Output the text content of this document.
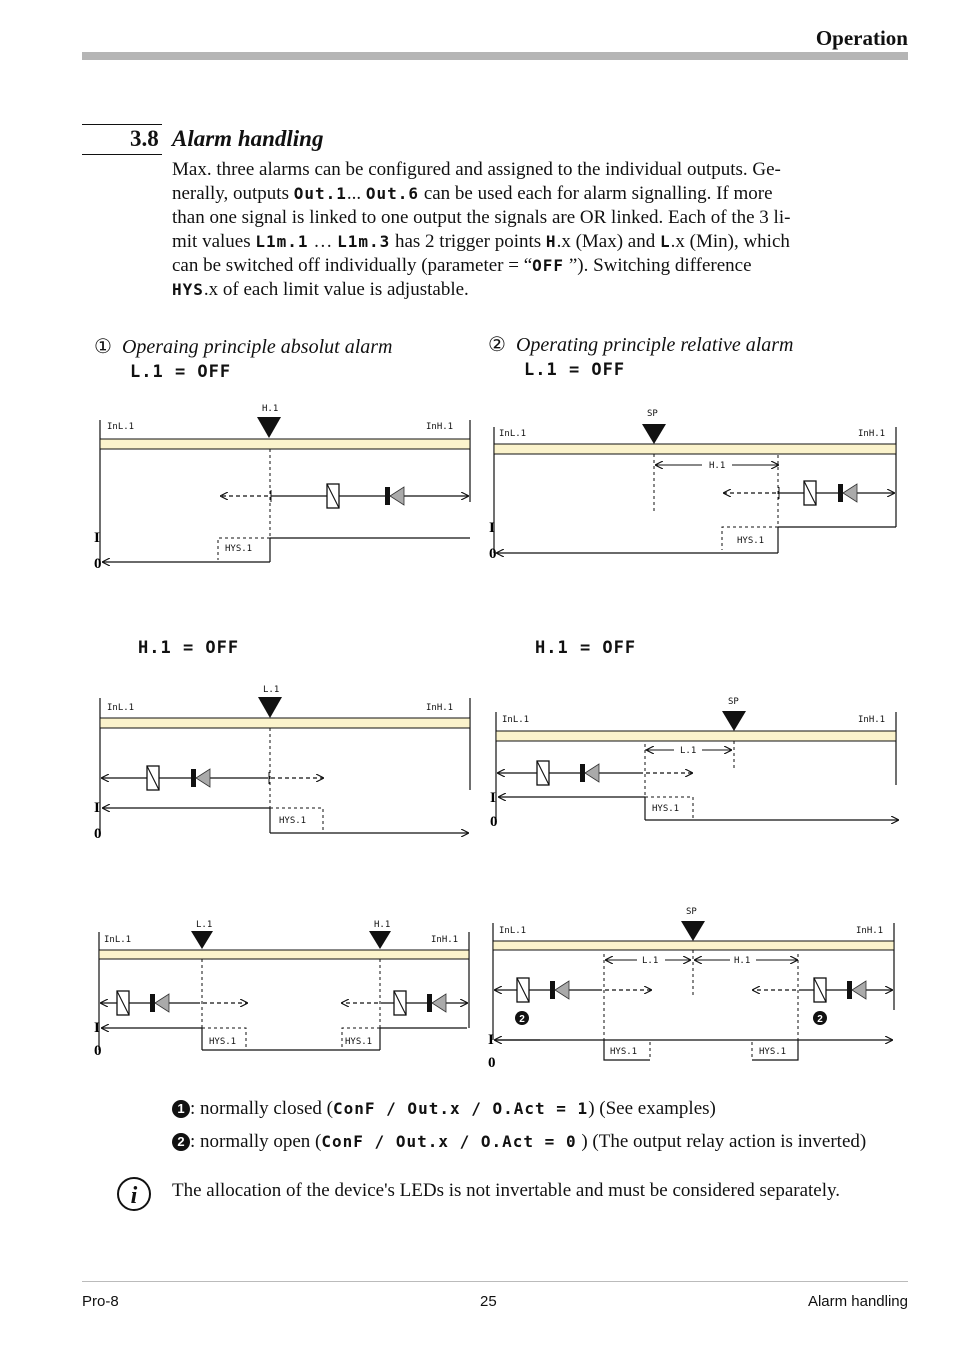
Operation
3.8 Alarm handling
Max. three alarms can be configured and assigned to the individual outputs. Ge-
nerally, outputs Out.1... Out.6 can be used each for alarm signalling. If more
than one signal is linked to one output the signals are OR linked. Each of the 3 li-
mit values L1m.1 … L1m.3 has 2 trigger points H.x (Max) and L.x (Min), which
can be switched off individually (parameter = “OFF ”). Switching difference
HYS.x of each limit value is adjustable.
① Operaing principle absolut alarm
L.1 = OFF
② Operating principle relative alarm
L.1 = OFF
H.1 = OFF	H.1 = OFF
InL.1	InH.1
H.1
HYS.1
I
0
InL.1	InH.1
SP
H.1
HYS.1
I
0
InL.1	InH.1
L.1
HYS.1
I
0
InL.1	InH.1
SP
L.1
HYS.1
I
0
InL.1	InH.1
L.1	H.1
HYS.1	HYS.1
I
0
InL.1	InH.1
SP
L.1	H.1
2	2
HYS.1	HYS.1
I
0
1 : normally closed (ConF / Out.x / O.Act = 1) (See examples)
2 : normally open (ConF / Out.x / O.Act = 0 ) (The output relay action is inverted)
i	The allocation of the device's LEDs is not invertable and must be considered separately.
Pro-8	25	Alarm handling
